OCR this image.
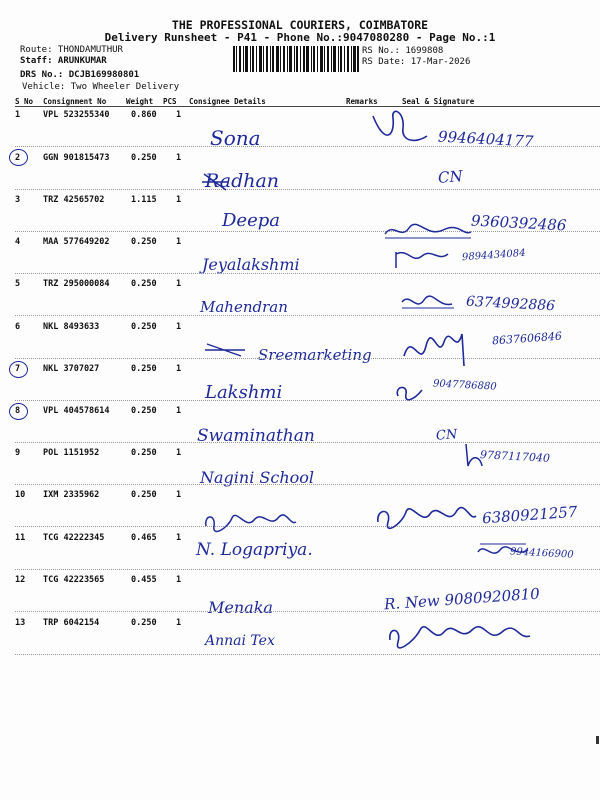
THE PROFESSIONAL COURIERS, COIMBATORE
Delivery Runsheet - P41 - Phone No.:9047080280 - Page No.:1
Route: THONDAMUTHUR
Staff: ARUNKUMAR
DRS No.: DCJB169980801
Vehicle: Two Wheeler Delivery
RS No.: 1699808
RS Date: 17-Mar-2026
S No Consignment No	Weight PCS Consignee Details	Remarks	Seal & Signature
1	VPL 523255340	0.860 1
Sona	9946404177
2	GGN 901815473	0.250 1
Radhan	CN
3	TRZ 42565702	1.115 1
Deepa	9360392486
4	MAA 577649202	0.250 1
Jeyalakshmi	9894434084
5	TRZ 295000084	0.250 1
Mahendran	6374992886
6	NKL 8493633	0.250 1
Sreemarketing
8637606846
7	NKL 3707027	0.250 1
Lakshmi	9047786880
8	VPL 404578614	0.250 1
Swaminathan	CN
9	POL 1151952	0.250 1
Nagini School
9787117040
10 IXM 2335962	0.250 1
6380921257
11 TCG 42222345	0.465 1
N. Logapriya.	9944166900
12 TCG 42223565	0.455 1
Menaka	R. New 9080920810
13 TRP 6042154	0.250 1
Annai Tex
